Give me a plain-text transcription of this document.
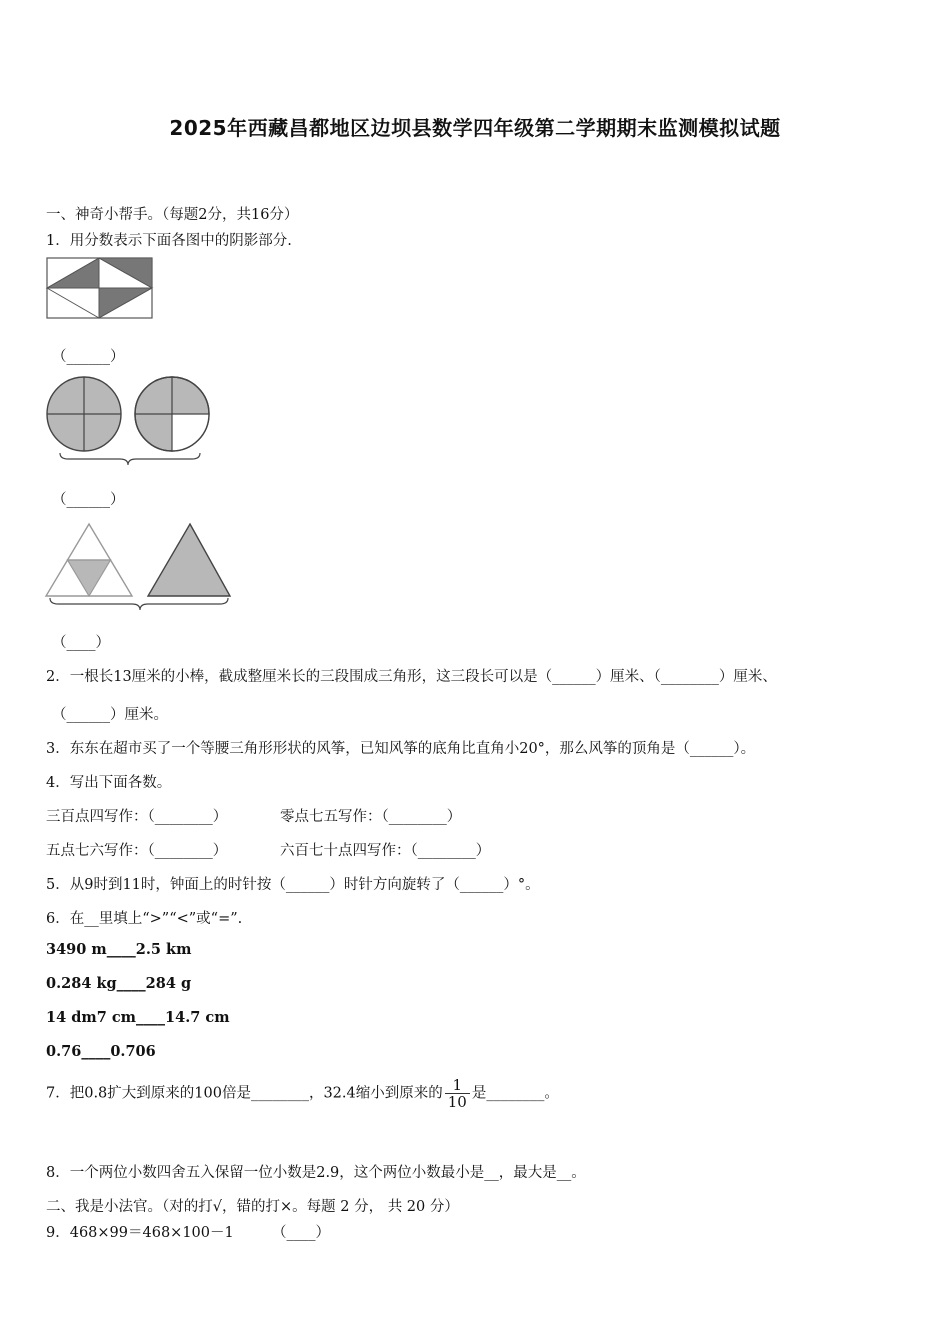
2025年西藏昌都地区边坝县数学四年级第二学期期末监测模拟试题
一、神奇小帮手。（每题2分，共16分）
1．用分数表示下面各图中的阴影部分.
（______）
（______）
（____）
2．一根长13厘米的小棒，截成整厘米长的三段围成三角形，这三段长可以是（______）厘米、（________）厘米、
（______）厘米。
3．东东在超市买了一个等腰三角形形状的风筝，已知风筝的底角比直角小20°，那么风筝的顶角是（______）。
4．写出下面各数。
三百点四写作：（________）	零点七五写作：（________）
五点七六写作：（________）	六百七十点四写作：（________）
5．从9时到11时，钟面上的时针按（______）时针方向旋转了（______）°。
6．在__里填上“>”“<”或“=”.
3490 m____2.5 km
0.284 kg____284 g
14 dm7 cm____14.7 cm
0.76____0.706
7．把0.8扩大到原来的100倍是________，32.4缩小到原来的 $\frac{1}{10}$ 是________。
8．一个两位小数四舍五入保留一位小数是2.9，这个两位小数最小是__，最大是__。
二、我是小法官。（对的打√，错的打×。每题 2 分， 共 20 分）
9．468×99＝468×100－1	（____）
